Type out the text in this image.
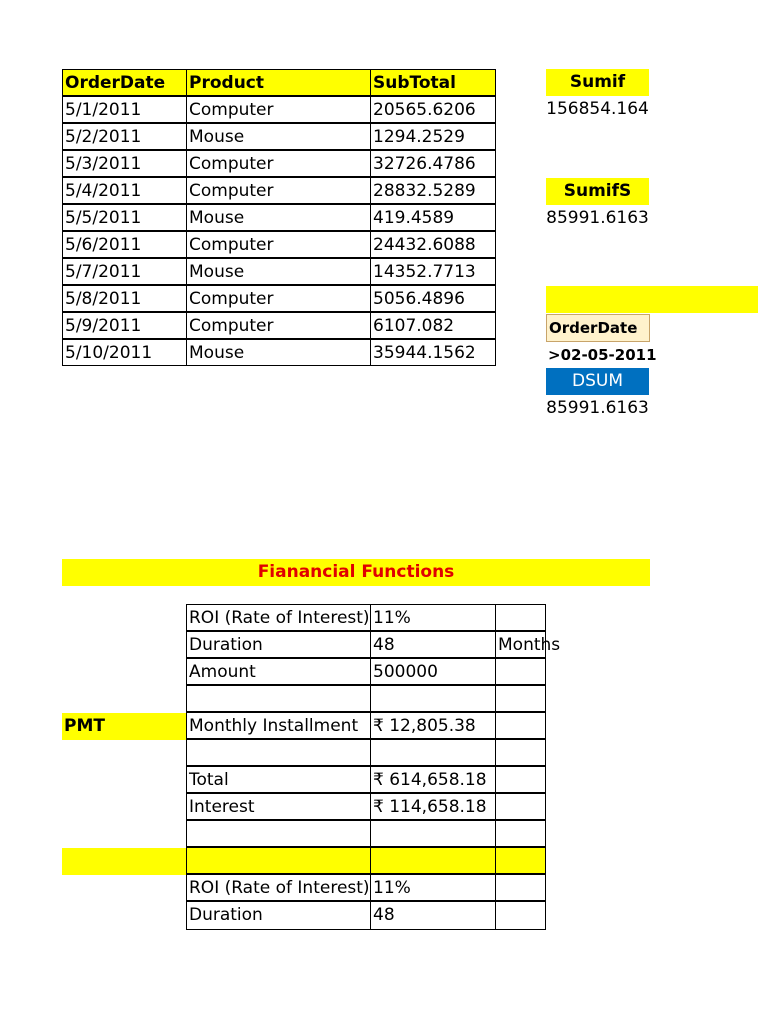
OrderDate	Product	SubTotal
5/1/2011	Computer	20565.6206
5/2/2011	Mouse	1294.2529
5/3/2011	Computer	32726.4786
5/4/2011	Computer	28832.5289
5/5/2011	Mouse	419.4589
5/6/2011	Computer	24432.6088
5/7/2011	Mouse	14352.7713
5/8/2011	Computer	5056.4896
5/9/2011	Computer	6107.082
5/10/2011	Mouse	35944.1562
Sumif
156854.164
SumifS
85991.6163
OrderDate
>02-05-2011
DSUM
85991.6163
Fianancial Functions
ROI (Rate of Interest) 11%
Duration	48	Months
Amount	500000
PMT	Monthly Installment ₹ 12,805.38
Total	₹ 614,658.18
Interest	₹ 114,658.18
ROI (Rate of Interest) 11%
Duration	48
